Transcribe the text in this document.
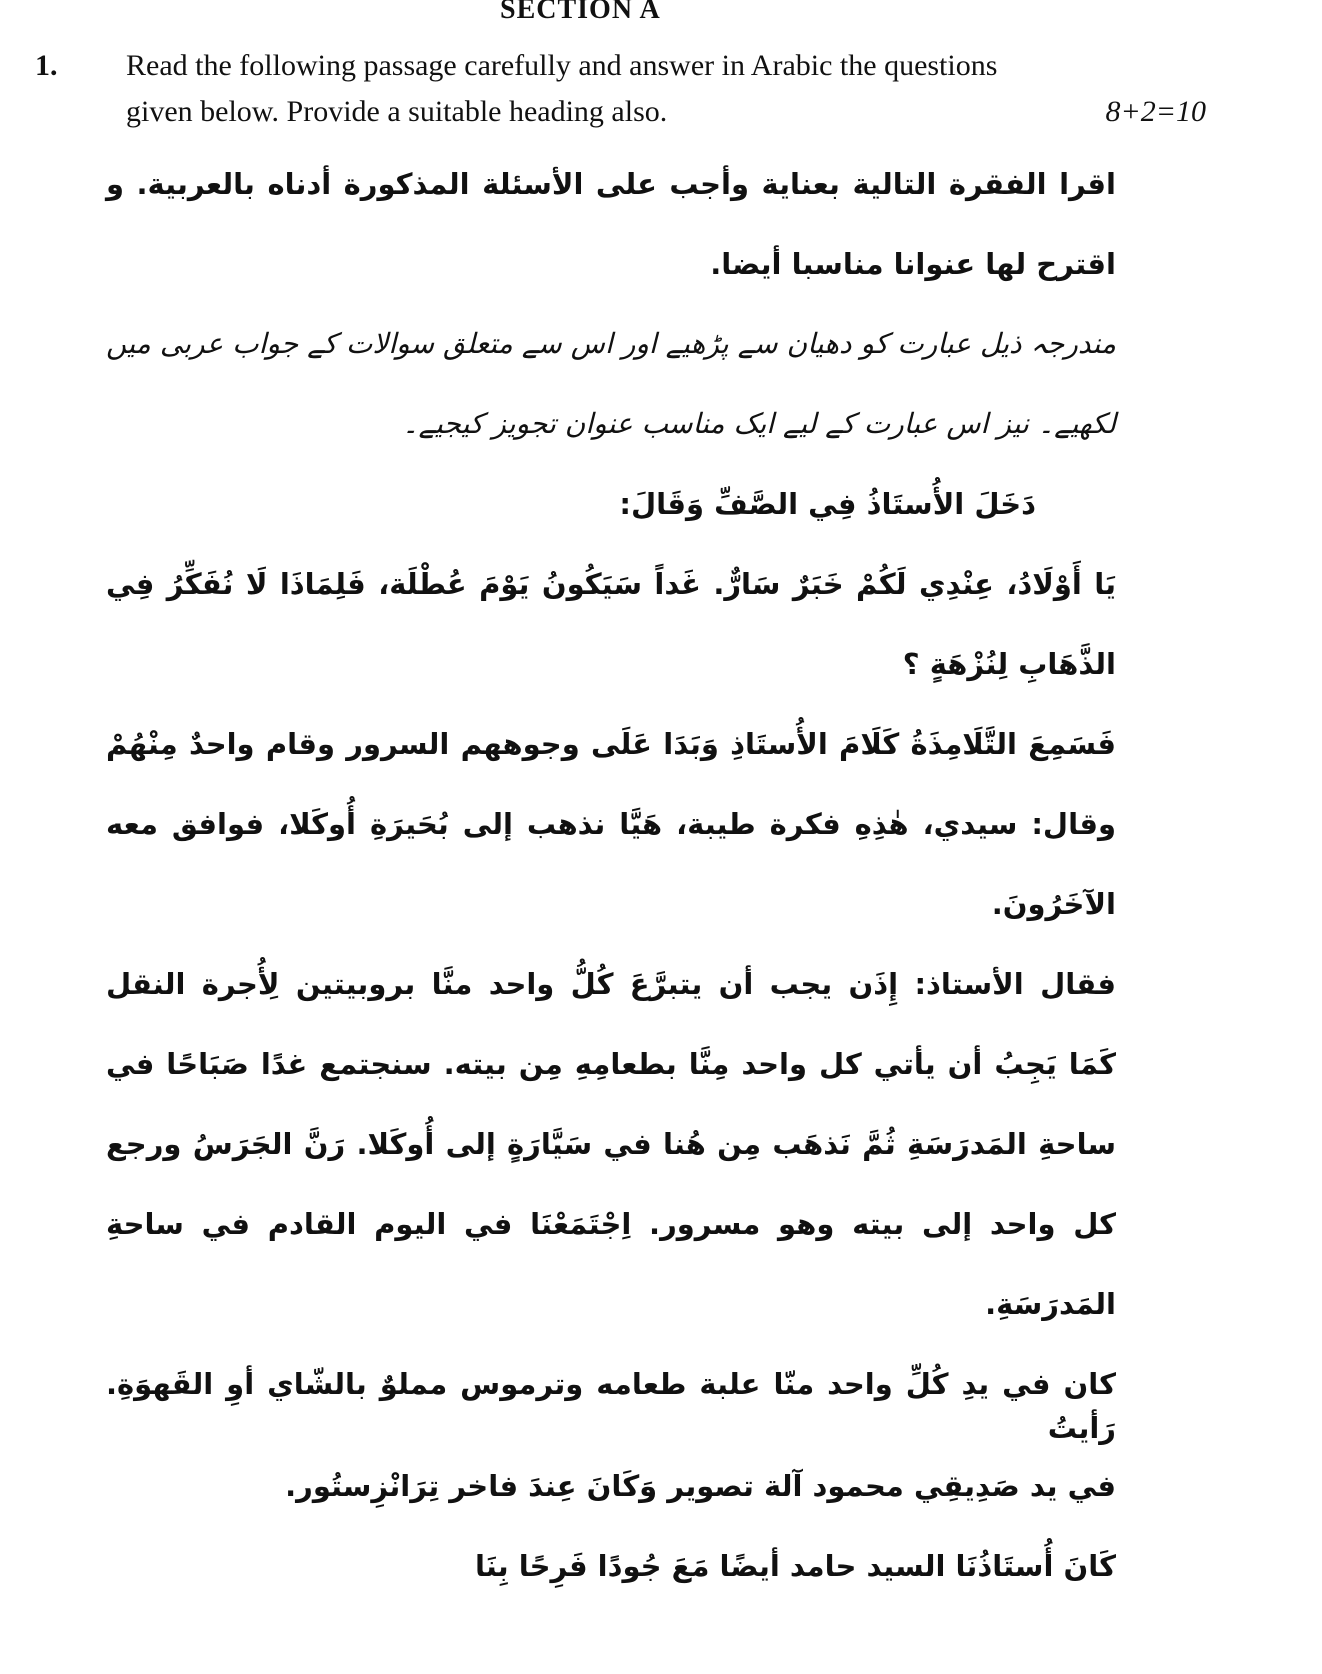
SECTION A
1. Read the following passage carefully and answer in Arabic the questions
given below. Provide a suitable heading also.	8+2=10
اقرا الفقرة التالية بعناية وأجب على الأسئلة المذكورة أدناه بالعربية. و
اقترح لها عنوانا مناسبا أيضا.
مندرجہ ذیل عبارت کو دھیان سے پڑھیے اور اس سے متعلق سوالات کے جواب عربی میں
لکھیے۔ نیز اس عبارت کے لیے ایک مناسب عنوان تجویز کیجیے۔
دَخَلَ الأُستَاذُ فِي الصَّفِّ وَقَالَ:
يَا أَوْلَادُ، عِنْدِي لَكُمْ خَبَرٌ سَارٌّ. غَداً سَيَكُونُ يَوْمَ عُطْلَة، فَلِمَاذَا لَا نُفَكِّرُ فِي
الذَّهَابِ لِنُزْهَةٍ ؟
فَسَمِعَ التَّلَامِذَةُ كَلَامَ الأُستَاذِ وَبَدَا عَلَى وجوههم السرور وقام واحدٌ مِنْهُمْ
وقال: سيدي، هٰذِهِ فكرة طيبة، هَيَّا نذهب إلى بُحَيرَةِ أُوكَلا، فوافق معه
الآخَرُونَ.
فقال الأستاذ: إِذَن يجب أن يتبرَّعَ كُلُّ واحد منَّا بروبيتين لِأُجرة النقل
كَمَا يَجِبُ أن يأتي كل واحد مِنَّا بطعامِهِ مِن بيته. سنجتمع غدًا صَبَاحًا في
ساحةِ المَدرَسَةِ ثُمَّ نَذهَب مِن هُنا في سَيَّارَةٍ إلى أُوكَلا. رَنَّ الجَرَسُ ورجع
كل واحد إلى بيته وهو مسرور. اِجْتَمَعْنَا في اليوم القادم في ساحةِ
المَدرَسَةِ.
كان في يدِ كُلِّ واحد منّا علبة طعامه وترموس مملوٌ بالشّاي أوِ القَهوَةِ. رَأيتُ
في يد صَدِيقِي محمود آلة تصوير وَكَانَ عِندَ فاخر تِرَانْزِستُور.
كَانَ أُستَاذُنَا السيد حامد أيضًا مَعَ جُودًا فَرِحًا بِنَا
